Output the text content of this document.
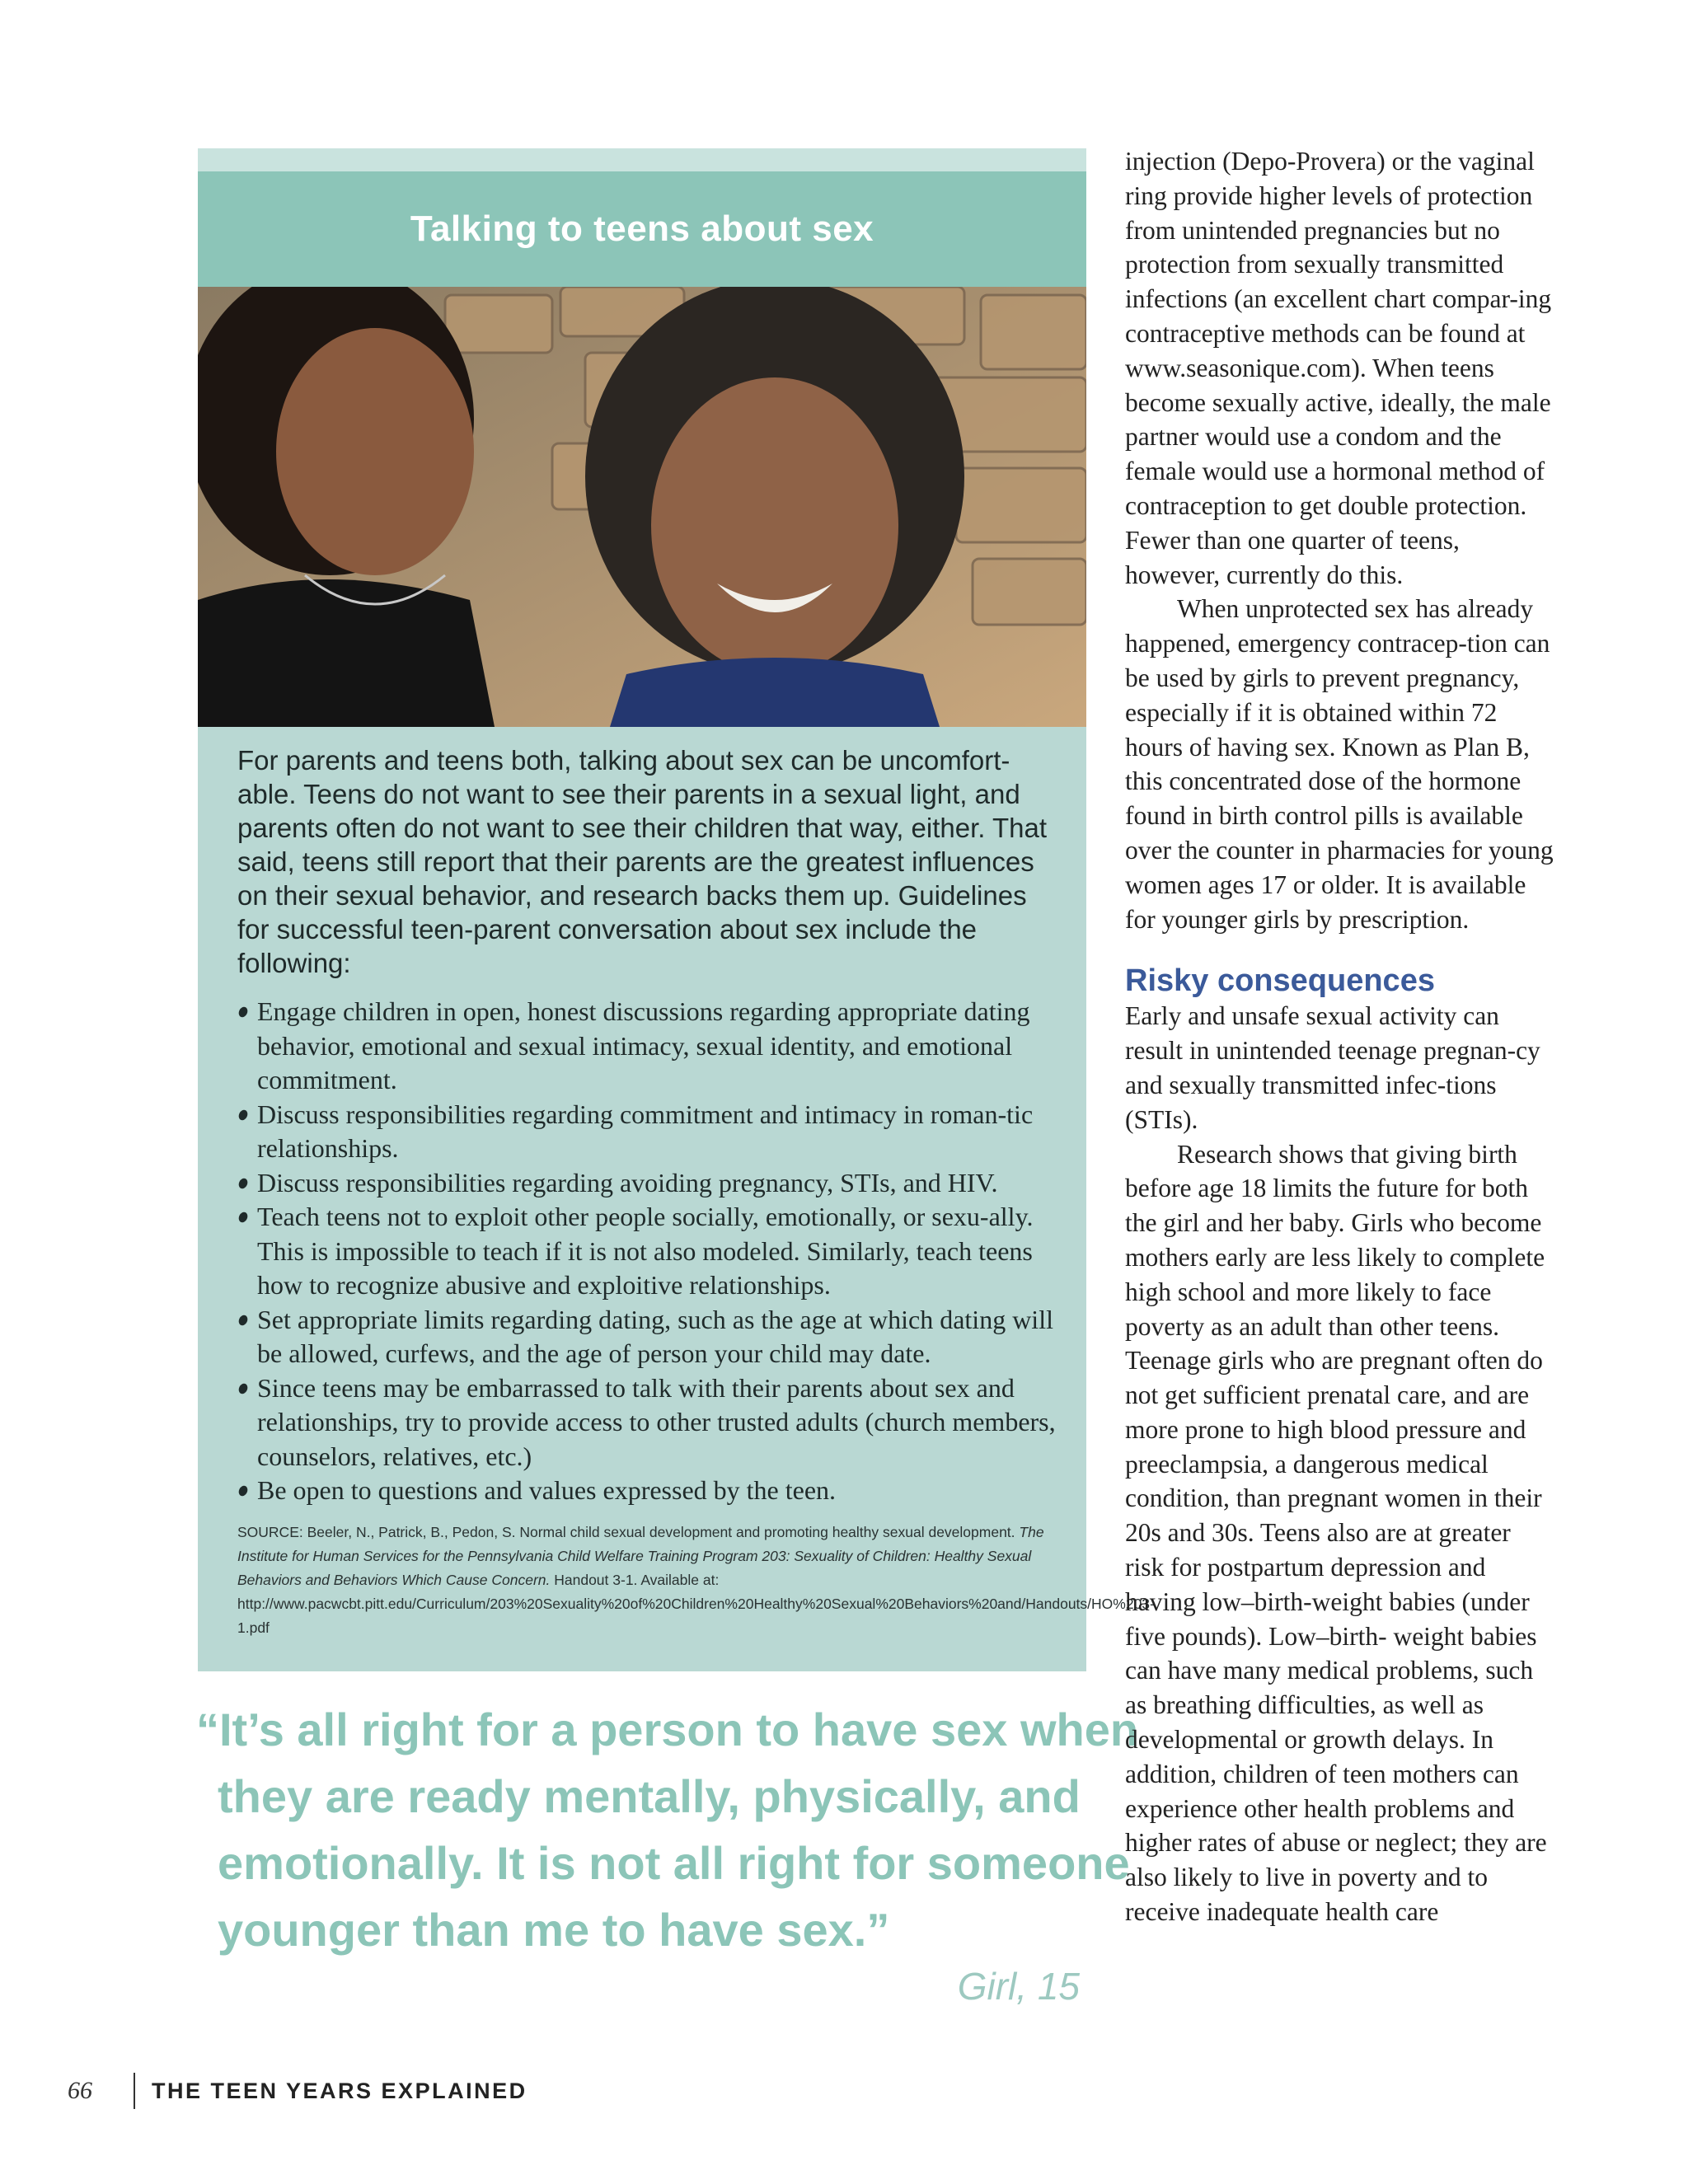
Talking to teens about sex

For parents and teens both, talking about sex can be uncomfort-able. Teens do not want to see their parents in a sexual light, and parents often do not want to see their children that way, either. That said, teens still report that their parents are the greatest influences on their sexual behavior, and research backs them up. Guidelines for successful teen-parent conversation about sex include the following:

Engage children in open, honest discussions regarding appropriate dating behavior, emotional and sexual intimacy, sexual identity, and emotional commitment.
Discuss responsibilities regarding commitment and intimacy in roman-tic relationships.
Discuss responsibilities regarding avoiding pregnancy, STIs, and HIV.
Teach teens not to exploit other people socially, emotionally, or sexu-ally. This is impossible to teach if it is not also modeled. Similarly, teach teens how to recognize abusive and exploitive relationships.
Set appropriate limits regarding dating, such as the age at which dating will be allowed, curfews, and the age of person your child may date.
Since teens may be embarrassed to talk with their parents about sex and relationships, try to provide access to other trusted adults (church members, counselors, relatives, etc.)
Be open to questions and values expressed by the teen.

SOURCE: Beeler, N., Patrick, B., Pedon, S. Normal child sexual development and promoting healthy sexual development. The Institute for Human Services for the Pennsylvania Child Welfare Training Program 203: Sexuality of Children: Healthy Sexual Behaviors and Behaviors Which Cause Concern. Handout 3-1. Available at: http://www.pacwcbt.pitt.edu/Curriculum/203%20Sexuality%20of%20Children%20Healthy%20Sexual%20Behaviors%20and/Handouts/HO%203-1.pdf

“It’s all right for a person to have sex when
they are ready mentally, physically, and
emotionally. It is not all right for someone
younger than me to have sex.”

Girl, 15

injection (Depo-Provera) or the vaginal ring provide higher levels of protection from unintended pregnancies but no protection from sexually transmitted infections (an excellent chart compar-ing contraceptive methods can be found at www.seasonique.com). When teens become sexually active, ideally, the male partner would use a condom and the female would use a hormonal method of contraception to get double protection. Fewer than one quarter of teens, however, currently do this.

When unprotected sex has already happened, emergency contracep-tion can be used by girls to prevent pregnancy, especially if it is obtained within 72 hours of having sex. Known as Plan B, this concentrated dose of the hormone found in birth control pills is available over the counter in pharmacies for young women ages 17 or older. It is available for younger girls by prescription.

Risky consequences

Early and unsafe sexual activity can result in unintended teenage pregnan-cy and sexually transmitted infec-tions (STIs).

Research shows that giving birth before age 18 limits the future for both the girl and her baby. Girls who become mothers early are less likely to complete high school and more likely to face poverty as an adult than other teens. Teenage girls who are pregnant often do not get sufficient prenatal care, and are more prone to high blood pressure and preeclampsia, a dangerous medical condition, than pregnant women in their 20s and 30s. Teens also are at greater risk for postpartum depression and having low–birth-weight babies (under five pounds). Low–birth- weight babies can have many medical problems, such as breathing difficulties, as well as developmental or growth delays. In addition, children of teen mothers can experience other health problems and higher rates of abuse or neglect; they are also likely to live in poverty and to receive inadequate health care

66	THE TEEN YEARS EXPLAINED
